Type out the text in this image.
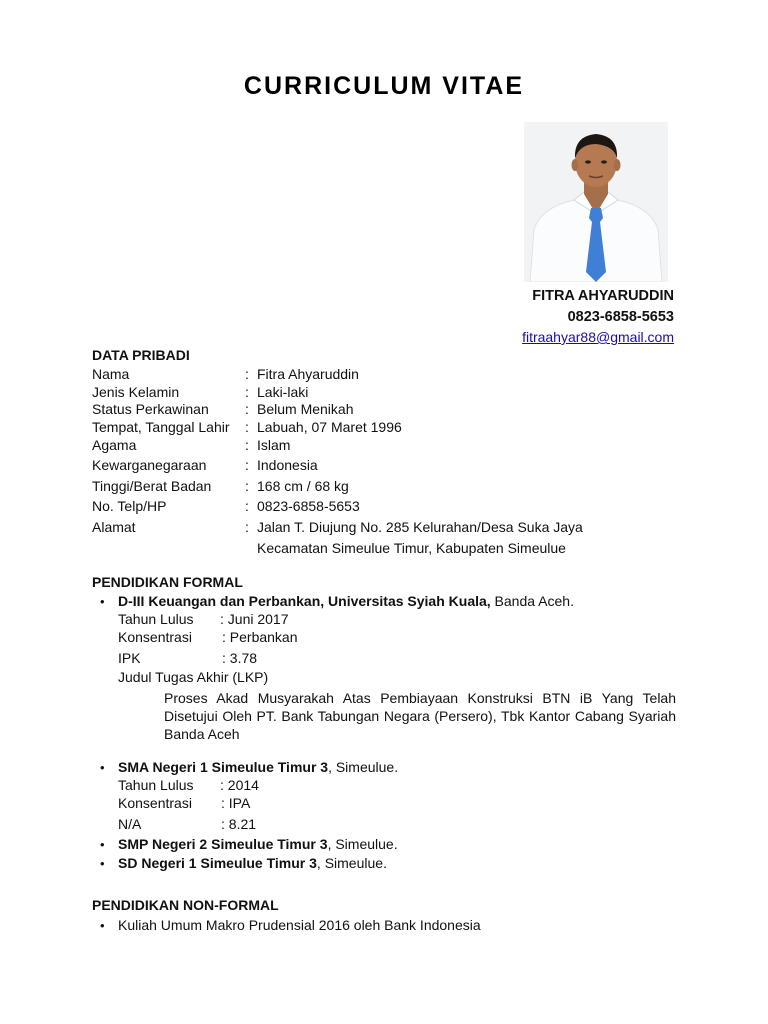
CURRICULUM VITAE
FITRA AHYARUDDIN
0823-6858-5653
fitraahyar88@gmail.com
DATA PRIBADI
Nama	: Fitra Ahyaruddin
Jenis Kelamin	: Laki-laki
Status Perkawinan	: Belum Menikah
Tempat, Tanggal Lahir : Labuah, 07 Maret 1996
Agama	: Islam
Kewarganegaraan	: Indonesia
Tinggi/Berat Badan : 168 cm / 68 kg
No. Telp/HP	: 0823-6858-5653
Alamat	: Jalan T. Diujung No. 285 Kelurahan/Desa Suka Jaya
Kecamatan Simeulue Timur, Kabupaten Simeulue
PENDIDIKAN FORMAL
• D-III Keuangan dan Perbankan, Universitas Syiah Kuala, Banda Aceh.
Tahun Lulus : Juni 2017
Konsentrasi : Perbankan
IPK	: 3.78
Judul Tugas Akhir (LKP)
Proses Akad Musyarakah Atas Pembiayaan Konstruksi BTN iB Yang Telah Disetujui Oleh PT. Bank Tabungan Negara (Persero), Tbk Kantor Cabang Syariah Banda Aceh
• SMA Negeri 1 Simeulue Timur 3, Simeulue.
Tahun Lulus : 2014
Konsentrasi : IPA
N/A	: 8.21
• SMP Negeri 2 Simeulue Timur 3, Simeulue.
• SD Negeri 1 Simeulue Timur 3, Simeulue.
PENDIDIKAN NON-FORMAL
• Kuliah Umum Makro Prudensial 2016 oleh Bank Indonesia
